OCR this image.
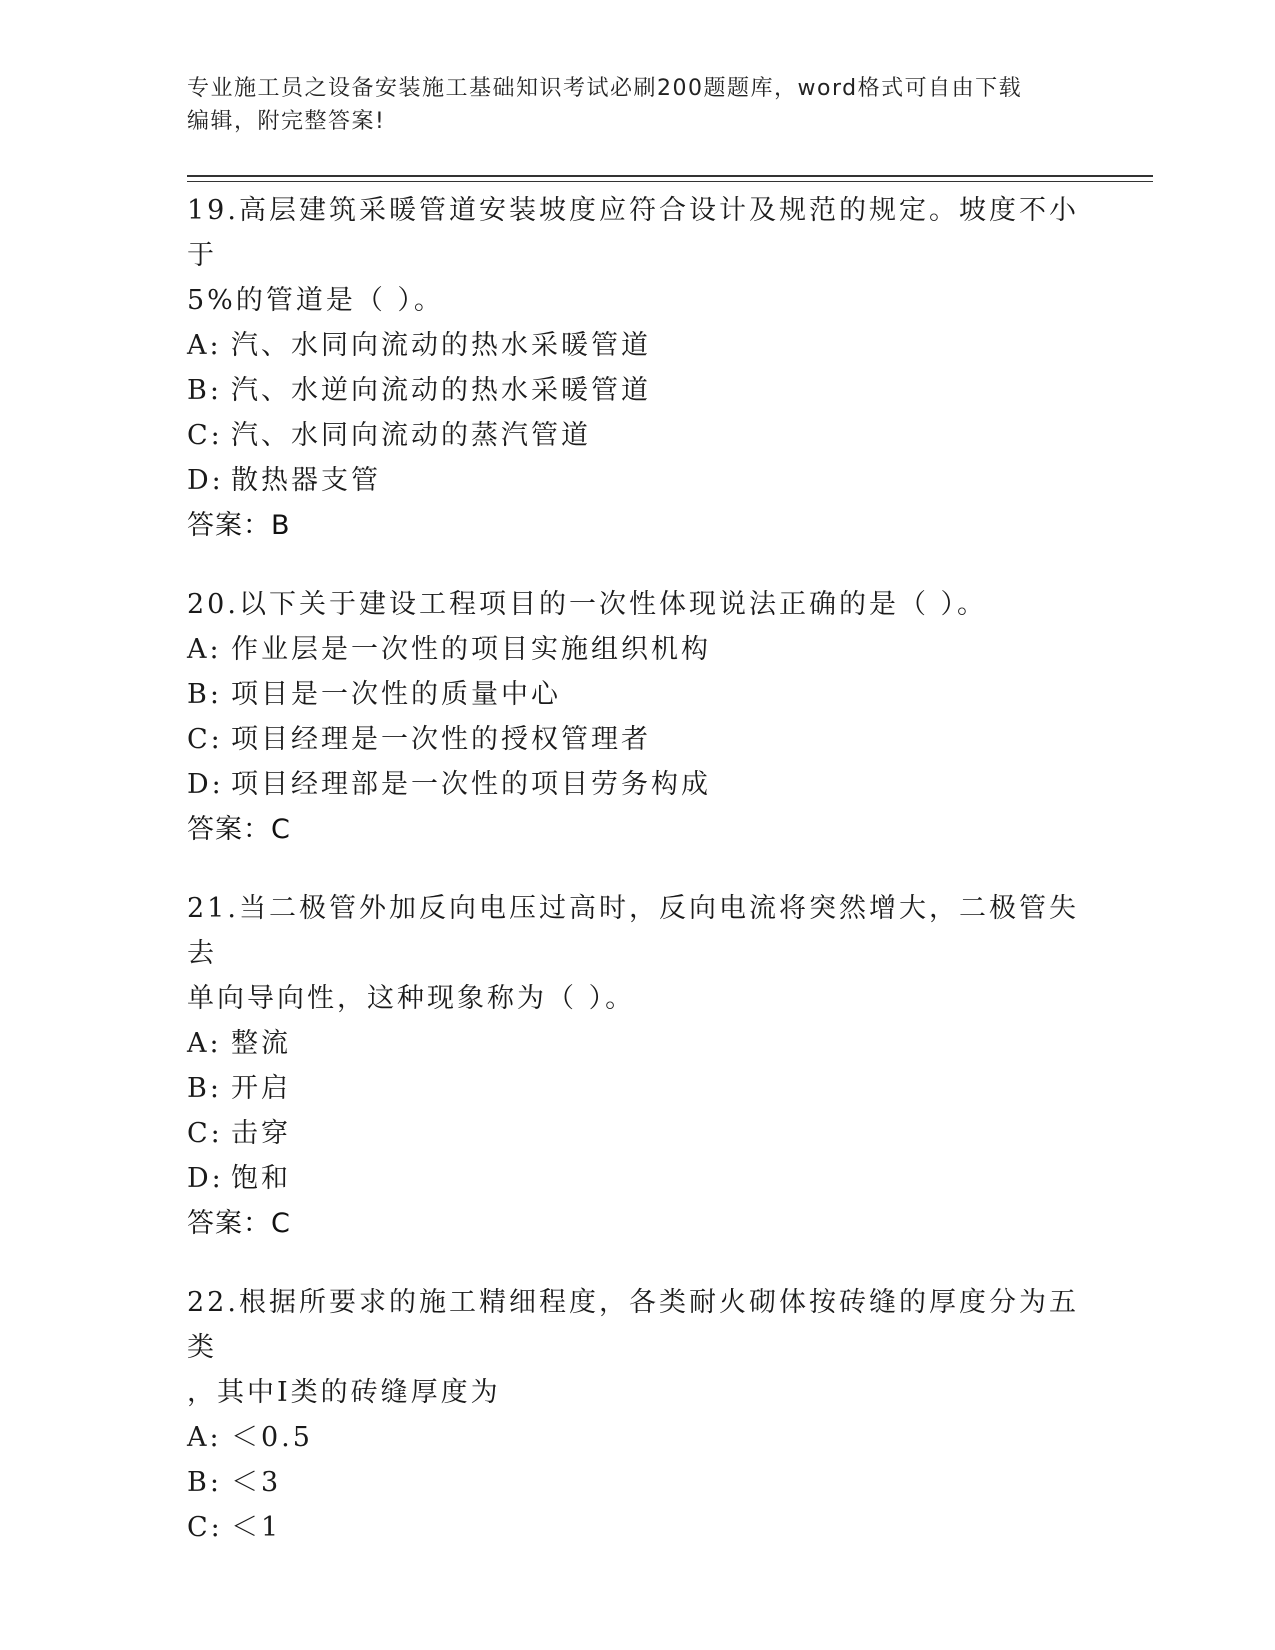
专业施工员之设备安装施工基础知识考试必刷200题题库，word格式可自由下载
编辑，附完整答案!

19.高层建筑采暖管道安装坡度应符合设计及规范的规定。坡度不小于
5%的管道是（ ）。

A: 汽、水同向流动的热水采暖管道

B: 汽、水逆向流动的热水采暖管道

C: 汽、水同向流动的蒸汽管道

D: 散热器支管

答案：B

20.以下关于建设工程项目的一次性体现说法正确的是（ ）。

A: 作业层是一次性的项目实施组织机构

B: 项目是一次性的质量中心

C: 项目经理是一次性的授权管理者

D: 项目经理部是一次性的项目劳务构成

答案：C

21.当二极管外加反向电压过高时，反向电流将突然增大，二极管失去
单向导向性，这种现象称为（ ）。

A: 整流

B: 开启

C: 击穿

D: 饱和

答案：C

22.根据所要求的施工精细程度，各类耐火砌体按砖缝的厚度分为五类
，其中Ⅰ类的砖缝厚度为

A: ＜0.5

B: ＜3

C: ＜1
